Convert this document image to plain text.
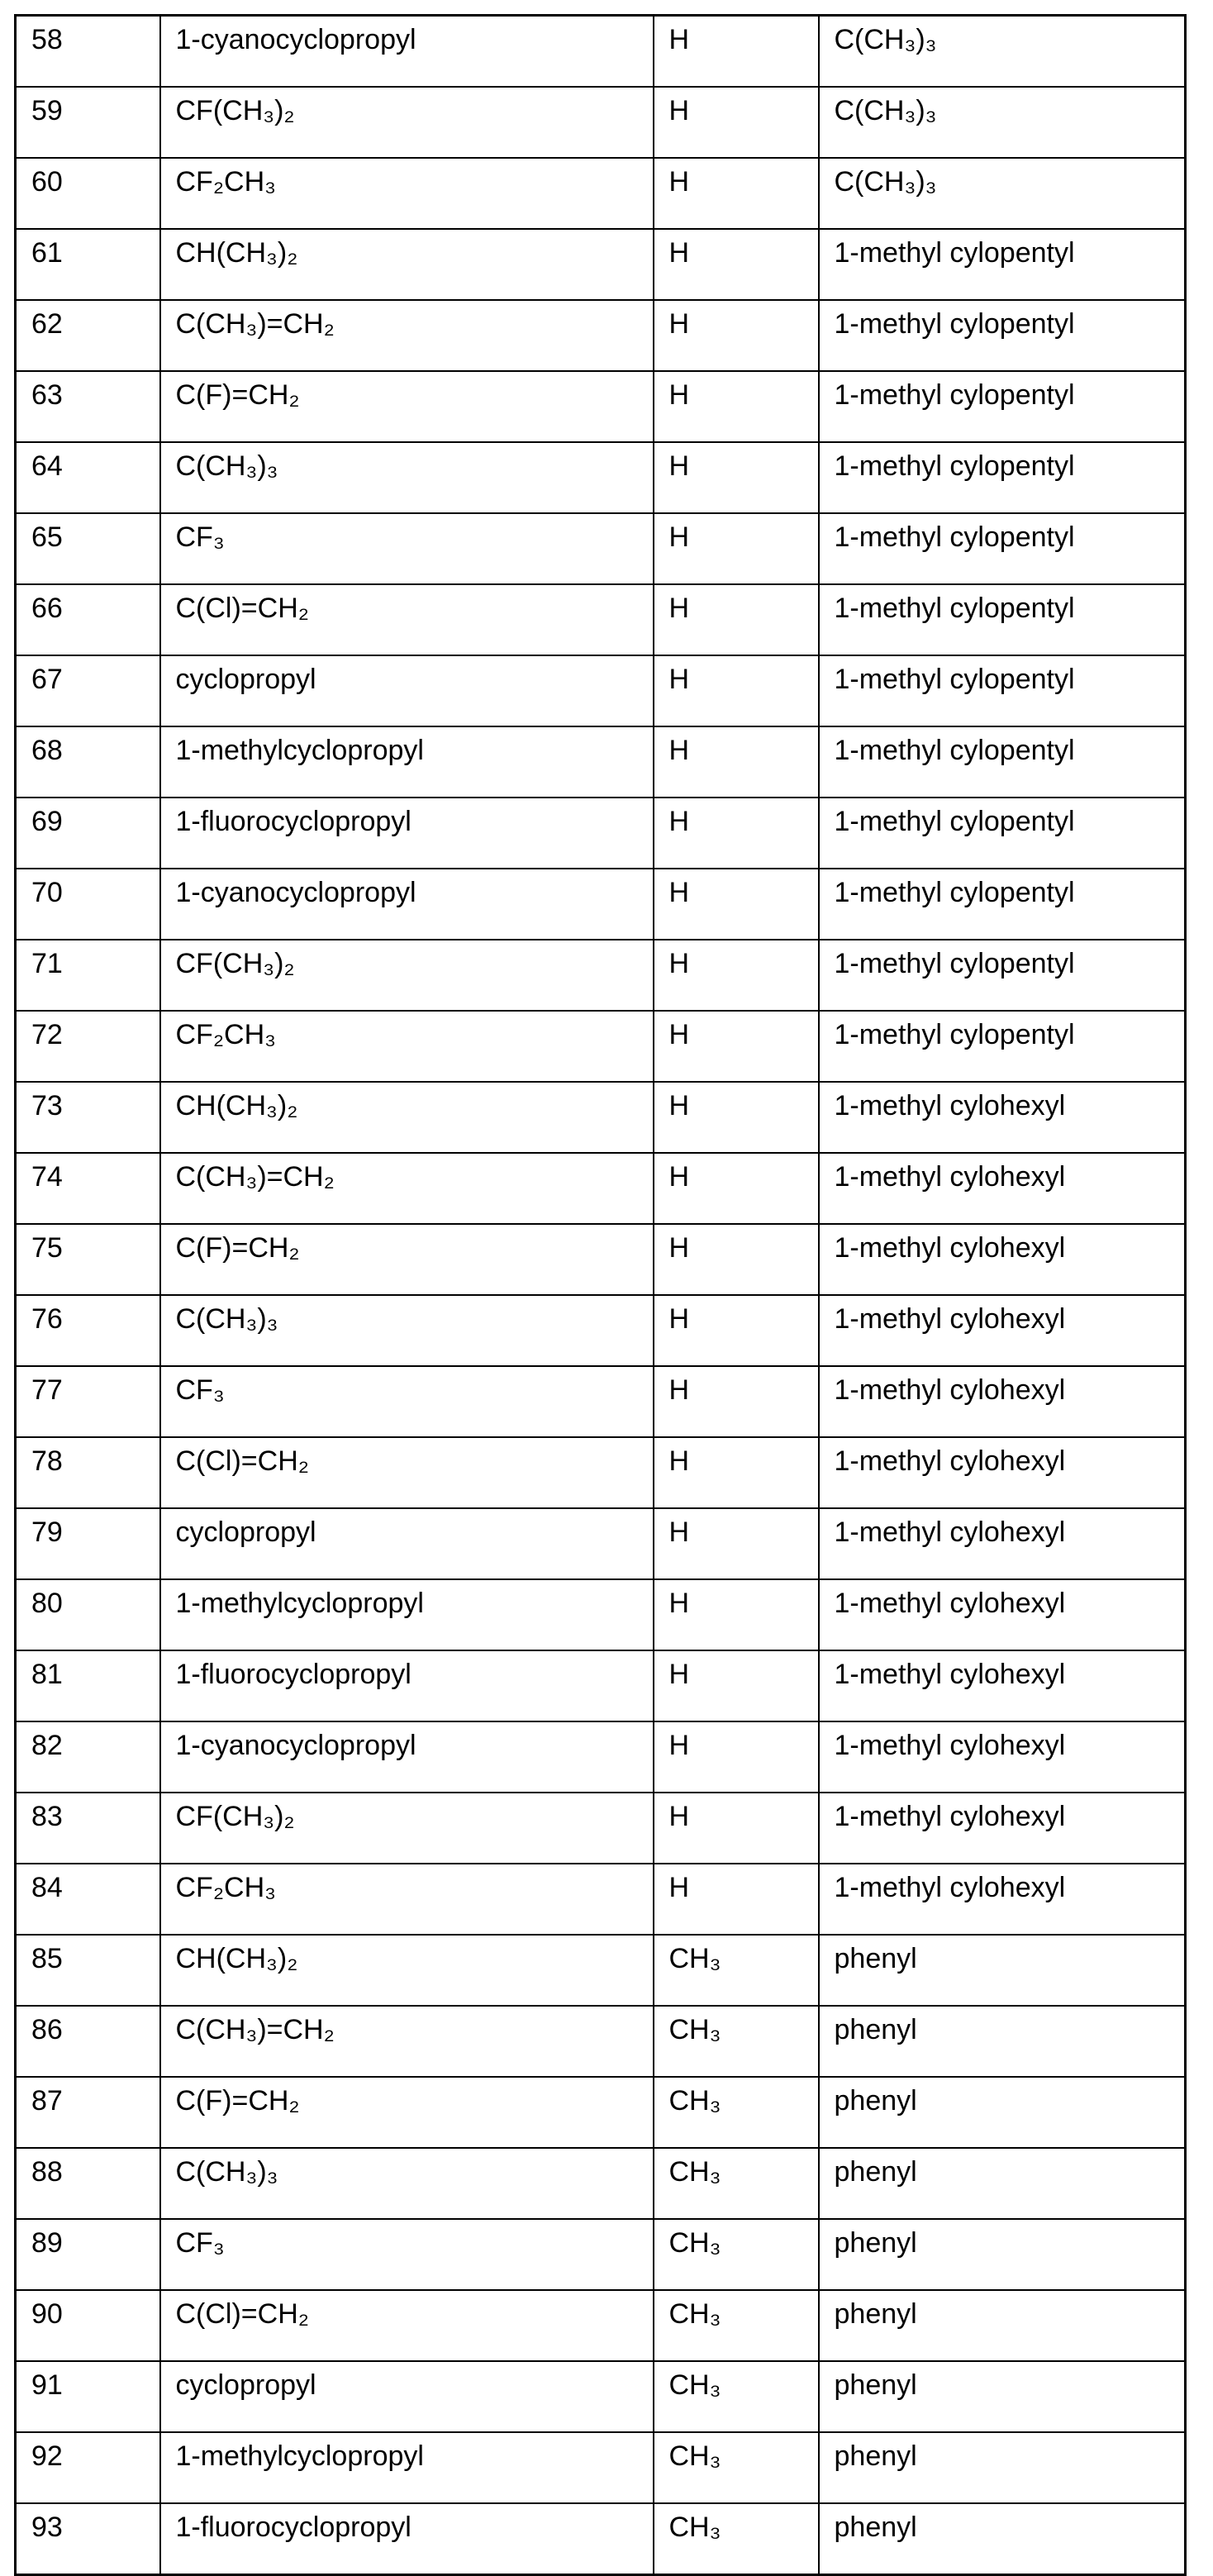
58	1-cyanocyclopropyl	H	C(CH₃)₃
59	CF(CH₃)₂	H	C(CH₃)₃
60	CF₂CH₃	H	C(CH₃)₃
61	CH(CH₃)₂	H	1-methyl cylopentyl
62	C(CH₃)=CH₂	H	1-methyl cylopentyl
63	C(F)=CH₂	H	1-methyl cylopentyl
64	C(CH₃)₃	H	1-methyl cylopentyl
65	CF₃	H	1-methyl cylopentyl
66	C(Cl)=CH₂	H	1-methyl cylopentyl
67	cyclopropyl	H	1-methyl cylopentyl
68	1-methylcyclopropyl	H	1-methyl cylopentyl
69	1-fluorocyclopropyl	H	1-methyl cylopentyl
70	1-cyanocyclopropyl	H	1-methyl cylopentyl
71	CF(CH₃)₂	H	1-methyl cylopentyl
72	CF₂CH₃	H	1-methyl cylopentyl
73	CH(CH₃)₂	H	1-methyl cylohexyl
74	C(CH₃)=CH₂	H	1-methyl cylohexyl
75	C(F)=CH₂	H	1-methyl cylohexyl
76	C(CH₃)₃	H	1-methyl cylohexyl
77	CF₃	H	1-methyl cylohexyl
78	C(Cl)=CH₂	H	1-methyl cylohexyl
79	cyclopropyl	H	1-methyl cylohexyl
80	1-methylcyclopropyl	H	1-methyl cylohexyl
81	1-fluorocyclopropyl	H	1-methyl cylohexyl
82	1-cyanocyclopropyl	H	1-methyl cylohexyl
83	CF(CH₃)₂	H	1-methyl cylohexyl
84	CF₂CH₃	H	1-methyl cylohexyl
85	CH(CH₃)₂	CH₃	phenyl
86	C(CH₃)=CH₂	CH₃	phenyl
87	C(F)=CH₂	CH₃	phenyl
88	C(CH₃)₃	CH₃	phenyl
89	CF₃	CH₃	phenyl
90	C(Cl)=CH₂	CH₃	phenyl
91	cyclopropyl	CH₃	phenyl
92	1-methylcyclopropyl	CH₃	phenyl
93	1-fluorocyclopropyl	CH₃	phenyl
